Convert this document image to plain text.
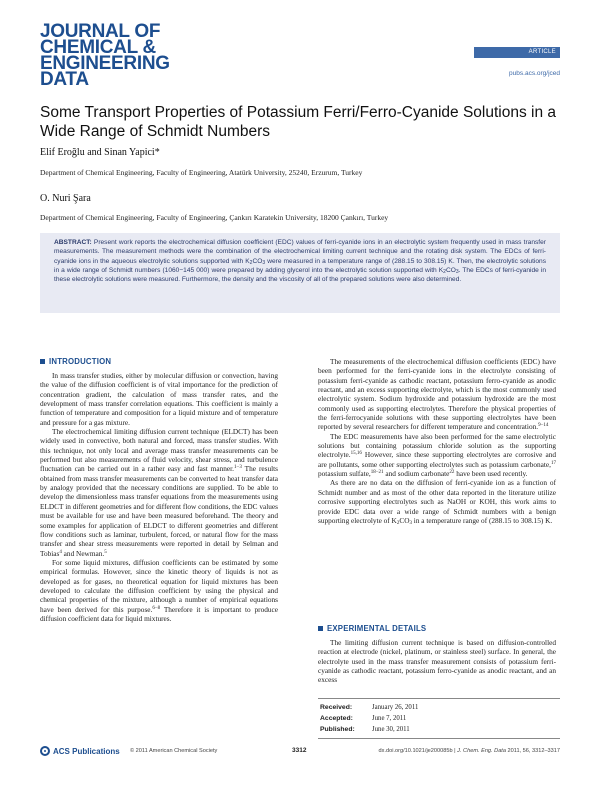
JOURNAL OF
CHEMICAL &
ENGINEERING
DATA
ARTICLE
pubs.acs.org/jced
Some Transport Properties of Potassium Ferri/Ferro-Cyanide Solutions in a Wide Range of Schmidt Numbers
Elif Eroğlu and Sinan Yapici*
Department of Chemical Engineering, Faculty of Engineering, Atatürk University, 25240, Erzurum, Turkey
O. Nuri Şara
Department of Chemical Engineering, Faculty of Engineering, Çankırı Karatekin University, 18200 Çankırı, Turkey
ABSTRACT: Present work reports the electrochemical diffusion coefficient (EDC) values of ferri-cyanide ions in an electrolytic system frequently used in mass transfer measurements. The measurement methods were the combination of the electrochemical limiting current technique and the rotating disk system. The EDCs of ferri-cyanide ions in the aqueous electrolytic solutions supported with $K_2CO_3$ were measured in a temperature range of (288.15 to 308.15) K. Then, the electrolytic solutions in a wide range of Schmidt numbers (1060−145 000) were prepared by adding glycerol into the electrolytic solution supported with $K_2CO_3$. The EDCs of ferri-cyanide in these electrolytic solutions were measured. Furthermore, the density and the viscosity of all of the prepared solutions were also determined.
INTRODUCTION

In mass transfer studies, either by molecular diffusion or convection, having the value of the diffusion coefficient is of vital importance for the prediction of concentration gradient, the calculation of mass transfer rates, and the development of mass transfer correlation equations. This coefficient is mainly a function of temperature and composition for a liquid mixture and of temperature and pressure for a gas mixture.

The electrochemical limiting diffusion current technique (ELDCT) has been widely used in convective, both natural and forced, mass transfer studies. With this technique, not only local and average mass transfer measurements can be performed but also measurements of fluid velocity, shear stress, and turbulence fluctuation can be carried out in a rather easy and fast manner.$^{1-3}$ The results obtained from mass transfer measurements can be converted to heat transfer data by analogy provided that the necessary conditions are supplied. To be able to develop the dimensionless mass transfer equations from the measurements using ELDCT in different geometries and for different flow conditions, the EDC values must be available for use and have been measured beforehand. The theory and some examples for application of ELDCT to different geometries and different flow conditions such as laminar, turbulent, forced, or natural flow for the mass transfer and shear stress measurements were reported in detail by Selman and Tobias$^4$ and Newman.$^5$

For some liquid mixtures, diffusion coefficients can be estimated by some empirical formulas. However, since the kinetic theory of liquids is not as developed as for gases, no theoretical equation for liquid mixtures has been developed to calculate the diffusion coefficient by using the physical and chemical properties of the mixture, although a number of empirical equations have been derived for this purpose.$^{6-8}$ Therefore it is important to produce diffusion coefficient data for liquid mixtures.

The measurements of the electrochemical diffusion coefficients (EDC) have been performed for the ferri-cyanide ions in the electrolyte consisting of potassium ferri-cyanide as cathodic reactant, potassium ferro-cyanide as anodic reactant, and an excess supporting electrolyte, which is the most commonly used electrolytic system. Sodium hydroxide and potassium hydroxide are the most commonly used as supporting electrolytes. Therefore the physical properties of the ferri-ferrocyanide solutions with these supporting electrolytes have been reported by several researchers for different temperature and concentration.$^{9-14}$

The EDC measurements have also been performed for the same electrolytic solutions but containing potassium chloride solution as the supporting electrolyte.$^{15,16}$ However, since these supporting electrolytes are corrosive and are pollutants, some other supporting electrolytes such as potassium carbonate,$^{17}$ potassium sulfate,$^{18-21}$ and sodium carbonate$^{22}$ have been used recently.

As there are no data on the diffusion of ferri-cyanide ion as a function of Schmidt number and as most of the other data reported in the literature utilize corrosive supporting electrolytes such as NaOH or KOH, this work aims to provide EDC data over a wide range of Schmidt numbers with a benign supporting electrolyte of $K_2CO_3$ in a temperature range of (288.15 to 308.15) K.

EXPERIMENTAL DETAILS

The limiting diffusion current technique is based on diffusion-controlled reaction at electrode (nickel, platinum, or stainless steel) surface. In general, the electrolyte used in the mass transfer measurement consists of potassium ferri-cyanide as cathodic reactant, potassium ferro-cyanide as anodic reactant, and an excess

Received:	January 26, 2011
Accepted:	June 7, 2011
Published:	June 30, 2011
ACS Publications © 2011 American Chemical Society	3312	dx.doi.org/10.1021/je200085b | J. Chem. Eng. Data 2011, 56, 3312–3317
